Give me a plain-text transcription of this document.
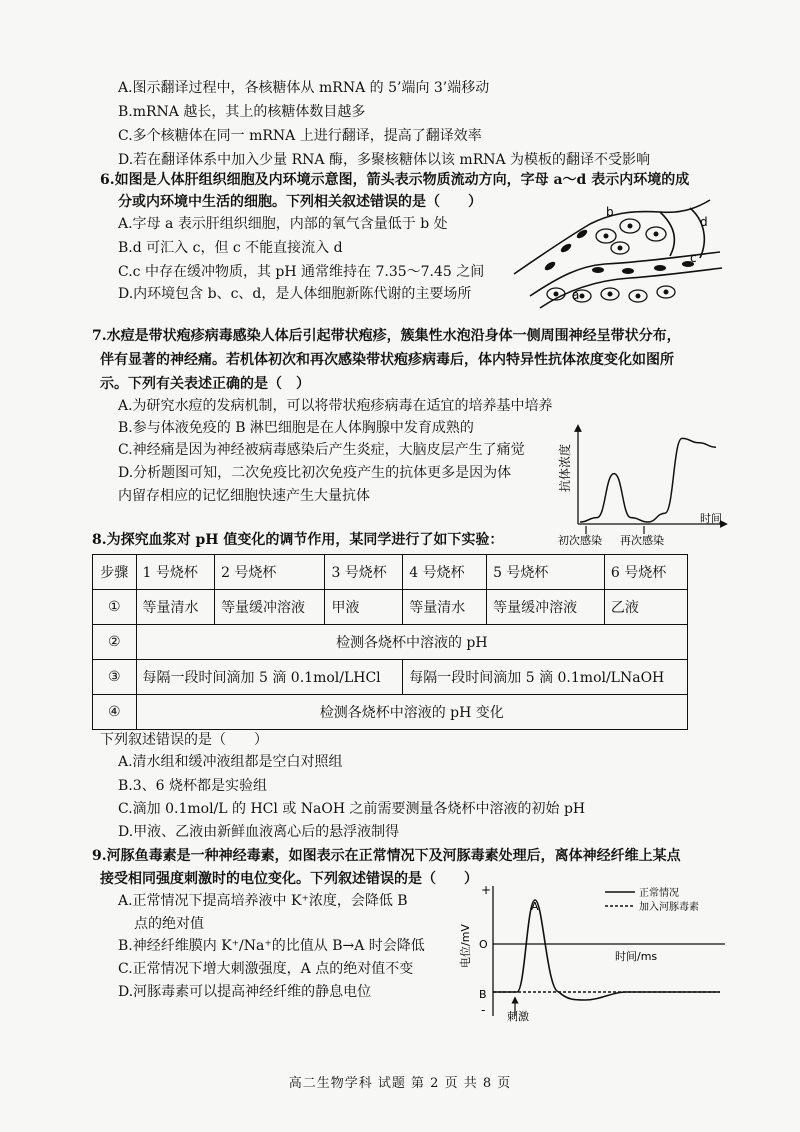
A.图示翻译过程中，各核糖体从 mRNA 的 5’端向 3’端移动
B.mRNA 越长，其上的核糖体数目越多
C.多个核糖体在同一 mRNA 上进行翻译，提高了翻译效率
D.若在翻译体系中加入少量 RNA 酶，多聚核糖体以该 mRNA 为模板的翻译不受影响
6.如图是人体肝组织细胞及内环境示意图，箭头表示物质流动方向，字母 a～d 表示内环境的成
分或内环境中生活的细胞。下列相关叙述错误的是（　　）
A.字母 a 表示肝组织细胞，内部的氧气含量低于 b 处
B.d 可汇入 c，但 c 不能直接流入 d
C.c 中存在缓冲物质，其 pH 通常维持在 7.35～7.45 之间
D.内环境包含 b、c、d，是人体细胞新陈代谢的主要场所
b
d
c
a
7.水痘是带状疱疹病毒感染人体后引起带状疱疹，簇集性水泡沿身体一侧周围神经呈带状分布，
伴有显著的神经痛。若机体初次和再次感染带状疱疹病毒后，体内特异性抗体浓度变化如图所
示。下列有关表述正确的是（　）
A.为研究水痘的发病机制，可以将带状疱疹病毒在适宜的培养基中培养
B.参与体液免疫的 B 淋巴细胞是在人体胸腺中发育成熟的
C.神经痛是因为神经被病毒感染后产生炎症，大脑皮层产生了痛觉
D.分析题图可知，二次免疫比初次免疫产生的抗体更多是因为体
内留存相应的记忆细胞快速产生大量抗体
抗体浓度
时间
初次感染 再次感染
8.为探究血浆对 pH 值变化的调节作用，某同学进行了如下实验：
步骤	1 号烧杯	2 号烧杯	3 号烧杯	4 号烧杯	5 号烧杯	6 号烧杯
①	等量清水	等量缓冲溶液	甲液	等量清水	等量缓冲溶液	乙液
②	检测各烧杯中溶液的 pH					
③	每隔一段时间滴加 5 滴 0.1mol/LHCl			每隔一段时间滴加 5 滴 0.1mol/LNaOH		
④	检测各烧杯中溶液的 pH 变化					
下列叙述错误的是（　　）
A.清水组和缓冲液组都是空白对照组
B.3、6 烧杯都是实验组
C.滴加 0.1mol/L 的 HCl 或 NaOH 之前需要测量各烧杯中溶液的初始 pH
D.甲液、乙液由新鲜血液离心后的悬浮液制得
9.河豚鱼毒素是一种神经毒素，如图表示在正常情况下及河豚毒素处理后，离体神经纤维上某点
接受相同强度刺激时的电位变化。下列叙述错误的是（　　）
A.正常情况下提高培养液中 K⁺浓度，会降低 B
点的绝对值
B.神经纤维膜内 K⁺/Na⁺的比值从 B→A 时会降低
C.正常情况下增大刺激强度，A 点的绝对值不变
D.河豚毒素可以提高神经纤维的静息电位
+
-
O
B
A
电位/mV	时间/ms
正常情况
加入河豚毒素
刺激
高二生物学科 试题 第 2 页 共 8 页
